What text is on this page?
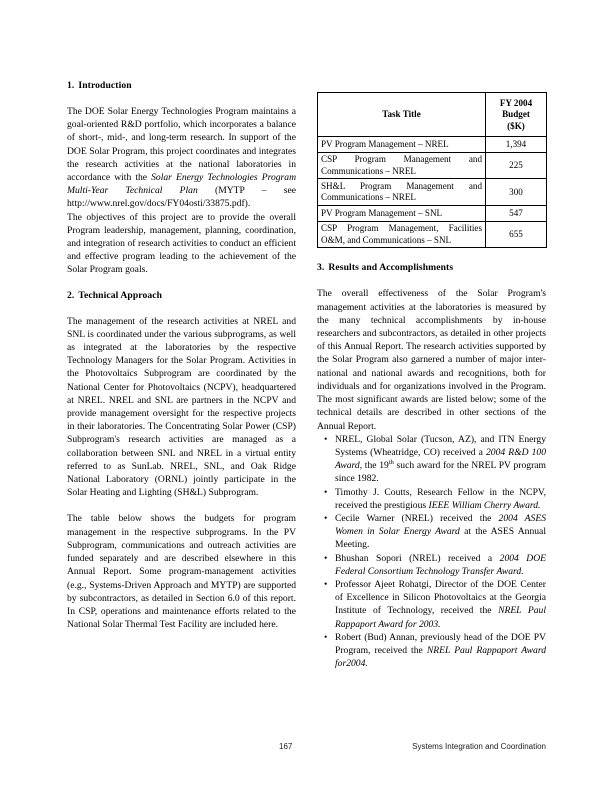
1. Introduction

The DOE Solar Energy Technologies Program maintains a goal-oriented R&D portfolio, which incorporates a balance of short-, mid-, and long-term research. In support of the DOE Solar Program, this project coordinates and integrates the research activities at the national laboratories in accordance with the Solar Energy Technologies Program Multi-Year Technical Plan (MYTP – see http://www.nrel.gov/docs/FY04osti/33875.pdf).

The objectives of this project are to provide the overall Program leadership, management, planning, coordination, and integration of research activities to conduct an efficient and effective program leading to the achievement of the Solar Program goals.

2. Technical Approach

The management of the research activities at NREL and SNL is coordinated under the various subprograms, as well as integrated at the laboratories by the respective Technology Managers for the Solar Program. Activities in the Photovoltaics Subprogram are coordinated by the National Center for Photovoltaics (NCPV), headquartered at NREL. NREL and SNL are partners in the NCPV and provide management oversight for the respective projects in their laboratories. The Concentrating Solar Power (CSP) Subprogram's research activities are managed as a collaboration between SNL and NREL in a virtual entity referred to as SunLab. NREL, SNL, and Oak Ridge National Laboratory (ORNL) jointly participate in the Solar Heating and Lighting (SH&L) Subprogram.

The table below shows the budgets for program management in the respective subprograms. In the PV Subprogram, communications and outreach activities are funded separately and are described elsewhere in this Annual Report. Some program-management activities (e.g., Systems-Driven Approach and MYTP) are supported by subcontractors, as detailed in Section 6.0 of this report. In CSP, operations and maintenance efforts related to the National Solar Thermal Test Facility are included here.

Task Title	FY 2004
Budget
($K)

PV Program Management – NREL	1,394
CSP Program Management and Communications – NREL	225
SH&L Program Management and Communications – NREL	300
PV Program Management – SNL	547
CSP Program Management, Facilities O&M, and Communications – SNL	655
3. Results and Accomplishments

The overall effectiveness of the Solar Program's management activities at the laboratories is measured by the many technical accomplishments by in-house researchers and subcontractors, as detailed in other projects of this Annual Report. The research activities supported by the Solar Program also garnered a number of major inter-national and national awards and recognitions, both for individuals and for organizations involved in the Program. The most significant awards are listed below; some of the technical details are described in other sections of the Annual Report.

• NREL, Global Solar (Tucson, AZ), and ITN Energy Systems (Wheatridge, CO) received a 2004 R&D 100 Award, the 19th such award for the NREL PV program since 1982.
• Timothy J. Coutts, Research Fellow in the NCPV, received the prestigious IEEE William Cherry Award.
• Cecile Warner (NREL) received the 2004 ASES Women in Solar Energy Award at the ASES Annual Meeting.
• Bhushan Sopori (NREL) received a 2004 DOE Federal Consortium Technology Transfer Award.
• Professor Ajeet Rohatgi, Director of the DOE Center of Excellence in Silicon Photovoltaics at the Georgia Institute of Technology, received the NREL Paul Rappaport Award for 2003.
• Robert (Bud) Annan, previously head of the DOE PV Program, received the NREL Paul Rappaport Award for2004.
167	Systems Integration and Coordination
